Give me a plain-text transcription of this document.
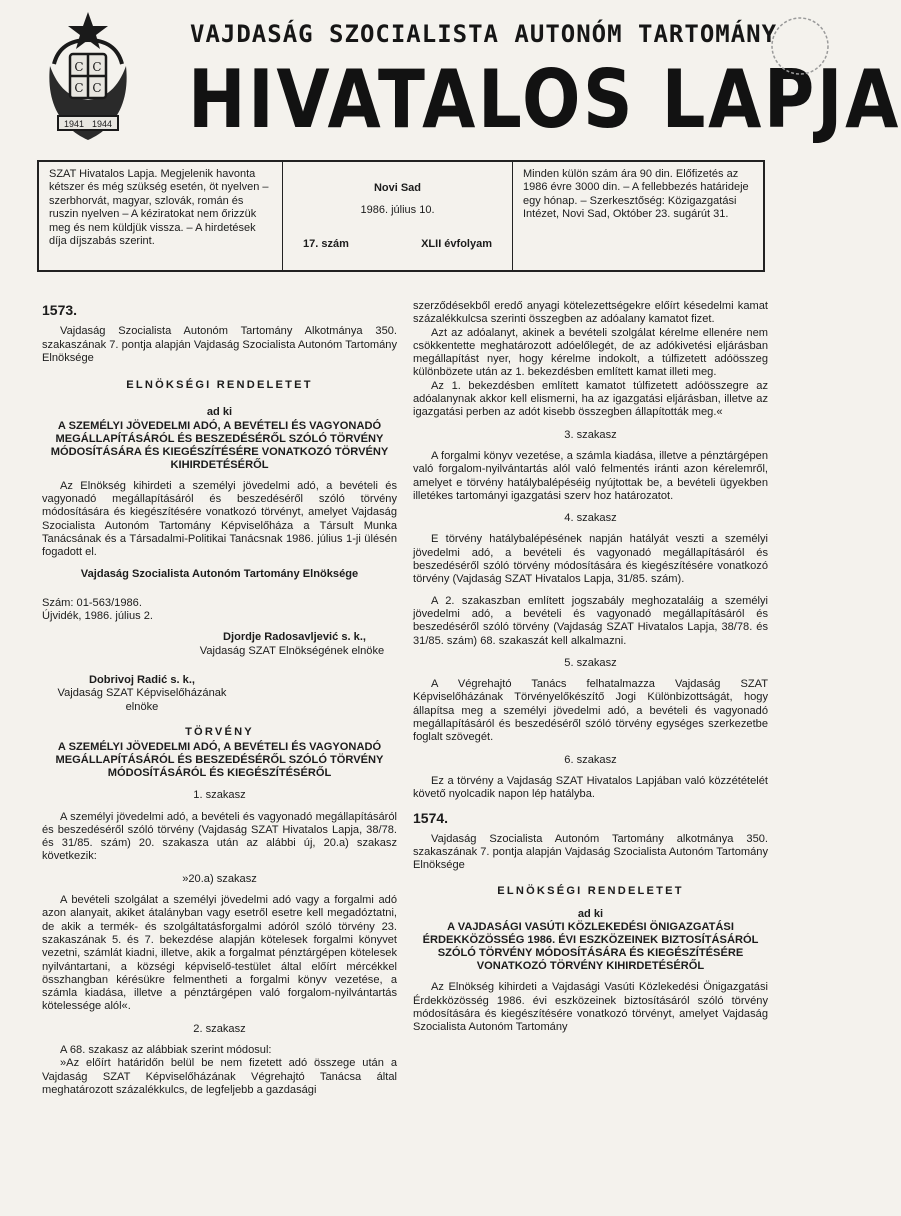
C C
C C
1941 1944
VAJDASÁG SZOCIALISTA AUTONÓM TARTOMÁNY
HIVATALOS LAPJA
SZAT Hivatalos Lapja. Megjelenik havonta kétszer és még szükség esetén, öt nyelven – szerbhorvát, magyar, szlovák, román és ruszin nyelven – A kéziratokat nem őrizzük meg és nem küldjük vissza. – A hirdetések díja díjszabás szerint.
Novi Sad
1986. július 10.
17. szám	XLII évfolyam
Minden külön szám ára 90 din. Előfizetés az 1986 évre 3000 din. – A fellebbezés határideje egy hónap. – Szerkesztőség: Közigazgatási Intézet, Novi Sad, Október 23. sugárút 31.

1573.

Vajdaság Szocialista Autonóm Tartomány Alkotmánya 350. szakaszának 7. pontja alapján Vajdaság Szocialista Autonóm Tartomány Elnöksége

ELNÖKSÉGI RENDELETET

ad ki

A SZEMÉLYI JÖVEDELMI ADÓ, A BEVÉTELI ÉS VAGYONADÓ MEGÁLLAPÍTÁSÁRÓL ÉS BESZEDÉSÉRŐL SZÓLÓ TÖRVÉNY MÓDOSÍTÁSÁRA ÉS KIEGÉSZÍTÉSÉRE VONATKOZÓ TÖRVÉNY KIHIRDETÉSÉRŐL

Az Elnökség kihirdeti a személyi jövedelmi adó, a bevételi és vagyonadó megállapításáról és beszedéséről szóló törvény módosítására és kiegészítésére vonatkozó törvényt, amelyet Vajdaság Szocialista Autonóm Tartomány Képviselőháza a Társult Munka Tanácsának és a Társadalmi-Politikai Tanácsnak 1986. július 1-ji ülésén fogadott el.

Vajdaság Szocialista Autonóm Tartomány Elnöksége

Szám: 01-563/1986.

Újvidék, 1986. július 2.

Djordje Radosavljević s. k.,

Vajdaság SZAT Elnökségének elnöke

Dobrivoj Radić s. k.,

Vajdaság SZAT Képviselőházának elnöke

TÖRVÉNY

A SZEMÉLYI JÖVEDELMI ADÓ, A BEVÉTELI ÉS VAGYONADÓ MEGÁLLAPÍTÁSÁRÓL ÉS BESZEDÉSÉRŐL SZÓLÓ TÖRVÉNY MÓDOSÍTÁSÁRÓL ÉS KIEGÉSZÍTÉSÉRŐL

1. szakasz

A személyi jövedelmi adó, a bevételi és vagyonadó megállapításáról és beszedéséről szóló törvény (Vajdaság SZAT Hivatalos Lapja, 38/78. és 31/85. szám) 20. szakasza után az alábbi új, 20.a) szakasz következik:

»20.a) szakasz

A bevételi szolgálat a személyi jövedelmi adó vagy a forgalmi adó azon alanyait, akiket átalányban vagy esetről esetre kell megadóztatni, de akik a termék- és szolgáltatásforgalmi adóról szóló törvény 23. szakaszának 5. és 7. bekezdése alapján kötelesek forgalmi könyvet vezetni, számlát kiadni, illetve, akik a forgalmat pénztárgépen kötelesek nyilvántartani, a községi képviselő-testület által előírt mércékkel összhangban kérésükre felmentheti a forgalmi könyv vezetése, a számla kiadása, illetve a pénztárgépen való forgalom-nyilvántartás kötelessége alól«.

2. szakasz

A 68. szakasz az alábbiak szerint módosul:

»Az előírt határidőn belül be nem fizetett adó összege után a Vajdaság SZAT Képviselőházának Végrehajtó Tanácsa által meghatározott százalékkulcs, de legfeljebb a gazdasági

szerződésekből eredő anyagi kötelezettségekre előírt késedelmi kamat százalékkulcsa szerinti összegben az adóalany kamatot fizet.

Azt az adóalanyt, akinek a bevételi szolgálat kérelme ellenére nem csökkentette meghatározott adóelőlegét, de az adókivetési eljárásban megállapítást nyer, hogy kérelme indokolt, a túlfizetett adóösszeg különbözete után az 1. bekezdésben említett kamat illeti meg.

Az 1. bekezdésben említett kamatot túlfizetett adóösszegre az adóalanynak akkor kell elismerni, ha az igazgatási eljárásban, illetve az igazgatási perben az adót kisebb összegben állapították meg.«

3. szakasz

A forgalmi könyv vezetése, a számla kiadása, illetve a pénztárgépen való forgalom-nyilvántartás alól való felmentés iránti azon kérelemről, amelyet e törvény hatálybalépéséig nyújtottak be, a bevételi ügyekben illetékes tartományi igazgatási szerv hoz határozatot.

4. szakasz

E törvény hatálybalépésének napján hatályát veszti a személyi jövedelmi adó, a bevételi és vagyonadó megállapításáról és beszedéséről szóló törvény módosítására és kiegészítésére vonatkozó törvény (Vajdaság SZAT Hivatalos Lapja, 31/85. szám).

A 2. szakaszban említett jogszabály meghozataláig a személyi jövedelmi adó, a bevételi és vagyonadó megállapításáról és beszedéséről szóló törvény (Vajdaság SZAT Hivatalos Lapja, 38/78. és 31/85. szám) 68. szakaszát kell alkalmazni.

5. szakasz

A Végrehajtó Tanács felhatalmazza Vajdaság SZAT Képviselőházának Törvényelőkészítő Jogi Különbizottságát, hogy állapítsa meg a személyi jövedelmi adó, a bevételi és vagyonadó megállapításáról és beszedéséről szóló törvény egységes szerkezetbe foglalt szövegét.

6. szakasz

Ez a törvény a Vajdaság SZAT Hivatalos Lapjában való közzétételét követő nyolcadik napon lép hatályba.

1574.

Vajdaság Szocialista Autonóm Tartomány alkotmánya 350. szakaszának 7. pontja alapján Vajdaság Szocialista Autonóm Tartomány Elnöksége

ELNÖKSÉGI RENDELETET

ad ki

A VAJDASÁGI VASÚTI KÖZLEKEDÉSI ÖNIGAZGATÁSI ÉRDEKKÖZÖSSÉG 1986. ÉVI ESZKÖZEINEK BIZTOSÍTÁSÁRÓL SZÓLÓ TÖRVÉNY MÓDOSÍTÁSÁRA ÉS KIEGÉSZÍTÉSÉRE VONATKOZÓ TÖRVÉNY KIHIRDETÉSÉRŐL

Az Elnökség kihirdeti a Vajdasági Vasúti Közlekedési Önigazgatási Érdekközösség 1986. évi eszközeinek biztosításáról szóló törvény módosítására és kiegészítésére vonatkozó törvényt, amelyet Vajdaság Szocialista Autonóm Tartomány
